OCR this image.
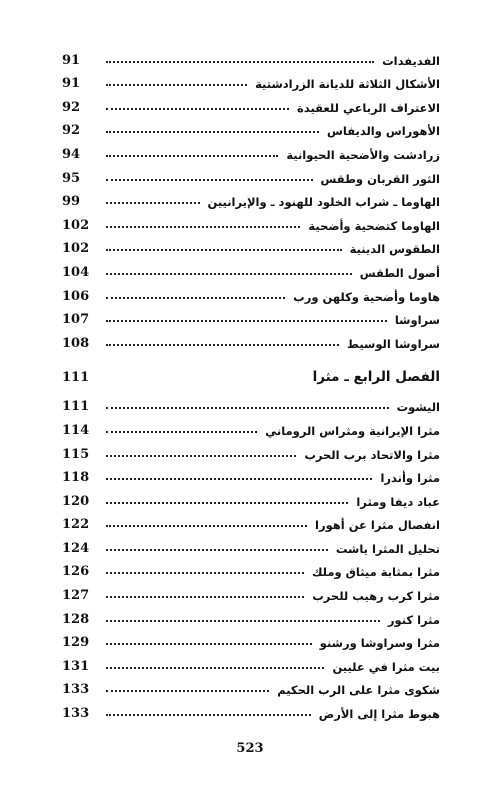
الفديفدات
91
الأشكال الثلاثة للديانة الزرادشتية
91
الاعتراف الرباعي للعقيدة
92
الأهوراس والديفاس
92
زرادشت والأضحية الحيوانية
94
الثور القربان وطقس
95
الهاوما ـ شراب الخلود للهنود ـ والإيرانيين
99
الهاوما كتضحية وأضحية
102
الطقوس الدينية
102
أصول الطقس
104
هاوما وأضحية وكلهن ورب
106
سراوشا
107
سراوشا الوسيط
108
الفصل الرابع ـ مثرا
111
اليشوت
111
مثرا الإيرانية ومثراس الروماني
114
مثرا والاتحاد برب الحرب
115
مثرا وأندرا
118
عباد ديفا ومثرا
120
انفصال مثرا عن أهورا
122
تحليل المثرا ياشت
124
مثرا بمثابة ميثاق وملك
126
مثرا كرب رهيب للحرب
127
مثرا كنور
128
مثرا وسراوشا ورشنو
129
بيت مثرا في عليين
131
شكوى مثرا على الرب الحكيم
133
هبوط مثرا إلى الأرض
133
523
